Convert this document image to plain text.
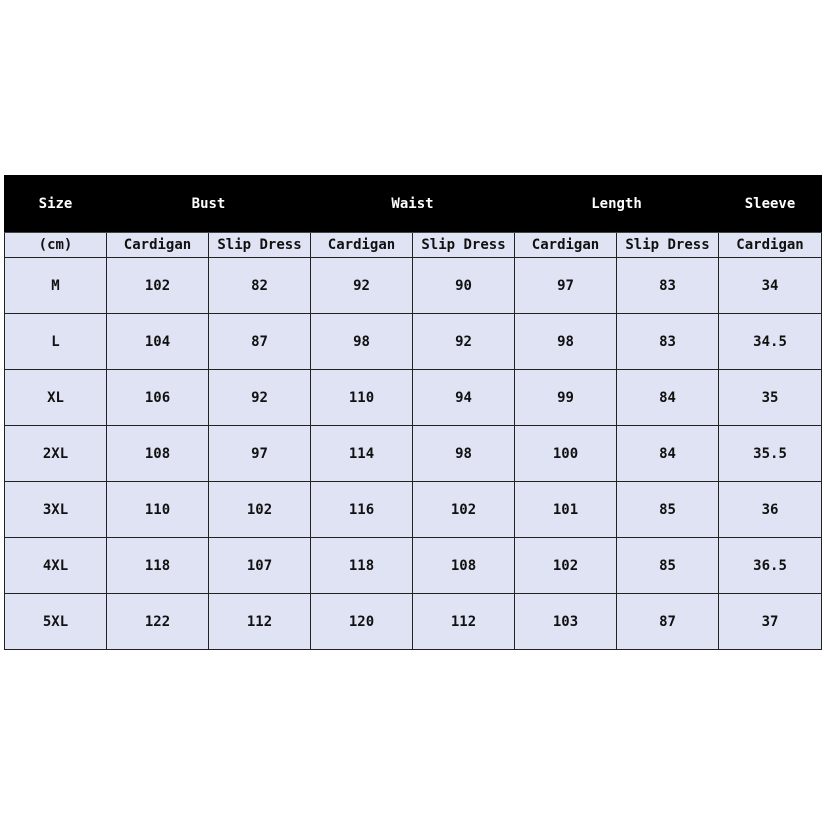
Size	Bust		Waist		Length		Sleeve
(cm)	Cardigan	Slip Dress	Cardigan	Slip Dress	Cardigan	Slip Dress	Cardigan
M	102	82	92	90	97	83	34
L	104	87	98	92	98	83	34.5
XL	106	92	110	94	99	84	35
2XL	108	97	114	98	100	84	35.5
3XL	110	102	116	102	101	85	36
4XL	118	107	118	108	102	85	36.5
5XL	122	112	120	112	103	87	37
